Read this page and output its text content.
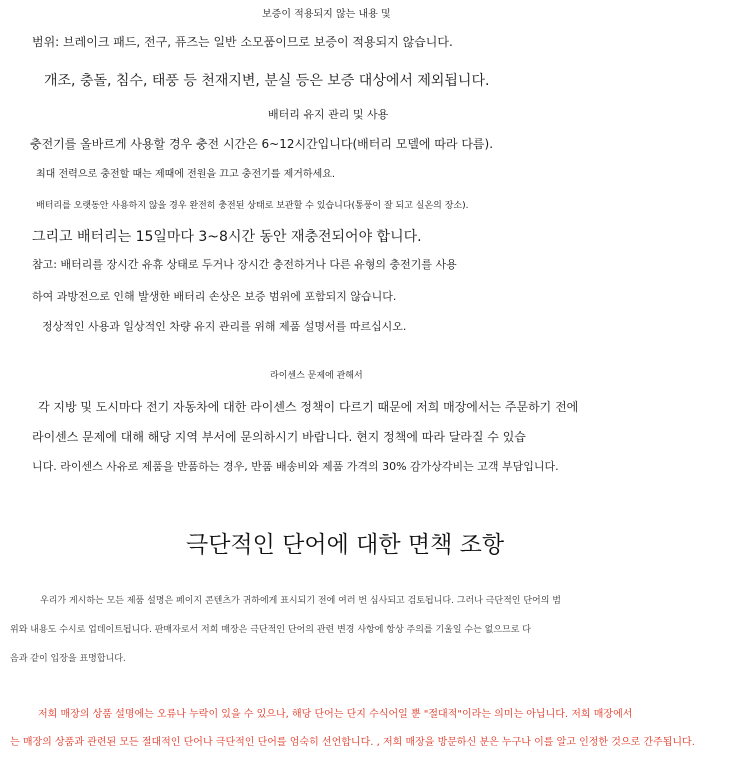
보증이 적용되지 않는 내용 및
범위: 브레이크 패드, 전구, 퓨즈는 일반 소모품이므로 보증이 적용되지 않습니다.
개조, 충돌, 침수, 태풍 등 천재지변, 분실 등은 보증 대상에서 제외됩니다.
배터리 유지 관리 및 사용
충전기를 올바르게 사용할 경우 충전 시간은 6~12시간입니다(배터리 모델에 따라 다름).
최대 전력으로 충전할 때는 제때에 전원을 끄고 충전기를 제거하세요.
배터리를 오랫동안 사용하지 않을 경우 완전히 충전된 상태로 보관할 수 있습니다(통풍이 잘 되고 실온의 장소).
그리고 배터리는 15일마다 3~8시간 동안 재충전되어야 합니다.
참고: 배터리를 장시간 유휴 상태로 두거나 장시간 충전하거나 다른 유형의 충전기를 사용
하여 과방전으로 인해 발생한 배터리 손상은 보증 범위에 포함되지 않습니다.
정상적인 사용과 일상적인 차량 유지 관리를 위해 제품 설명서를 따르십시오.
라이센스 문제에 관해서
각 지방 및 도시마다 전기 자동차에 대한 라이센스 정책이 다르기 때문에 저희 매장에서는 주문하기 전에
라이센스 문제에 대해 해당 지역 부서에 문의하시기 바랍니다. 현지 정책에 따라 달라질 수 있습
니다. 라이센스 사유로 제품을 반품하는 경우, 반품 배송비와 제품 가격의 30% 감가상각비는 고객 부담입니다.
극단적인 단어에 대한 면책 조항
우리가 게시하는 모든 제품 설명은 페이지 콘텐츠가 귀하에게 표시되기 전에 여러 번 심사되고 검토됩니다. 그러나 극단적인 단어의 범
위와 내용도 수시로 업데이트됩니다. 판매자로서 저희 매장은 극단적인 단어의 관련 변경 사항에 항상 주의를 기울일 수는 없으므로 다
음과 같이 입장을 표명합니다.
저희 매장의 상품 설명에는 오류나 누락이 있을 수 있으나, 해당 단어는 단지 수식어일 뿐 "절대적"이라는 의미는 아닙니다. 저희 매장에서
는 매장의 상품과 관련된 모든 절대적인 단어나 극단적인 단어를 엄숙히 선언합니다. , 저희 매장을 방문하신 분은 누구나 이를 알고 인정한 것으로 간주됩니다.
